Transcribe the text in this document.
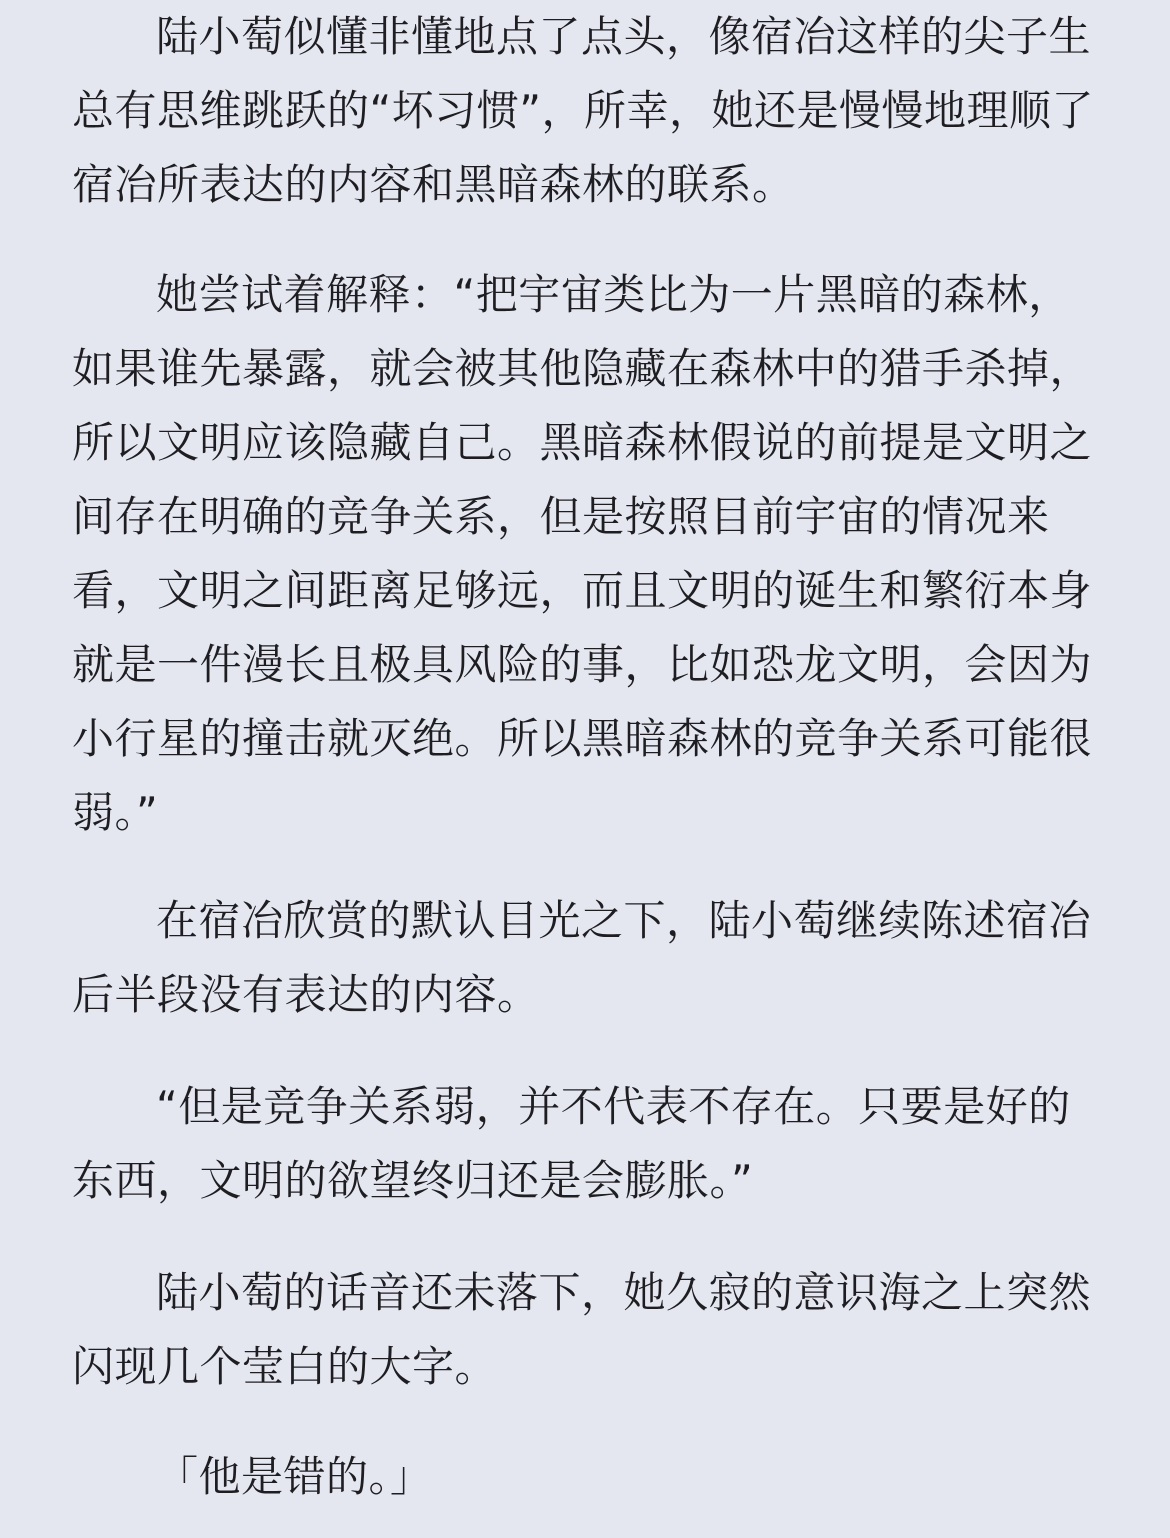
陆小萄似懂非懂地点了点头，像宿冶这样的尖子生
总有思维跳跃的“坏习惯”，所幸，她还是慢慢地理顺了
宿冶所表达的内容和黑暗森林的联系。
她尝试着解释：“把宇宙类比为一片黑暗的森林，
如果谁先暴露，就会被其他隐藏在森林中的猎手杀掉，
所以文明应该隐藏自己。黑暗森林假说的前提是文明之
间存在明确的竞争关系，但是按照目前宇宙的情况来
看，文明之间距离足够远，而且文明的诞生和繁衍本身
就是一件漫长且极具风险的事，比如恐龙文明，会因为
小行星的撞击就灭绝。所以黑暗森林的竞争关系可能很
弱。”
在宿冶欣赏的默认目光之下，陆小萄继续陈述宿冶
后半段没有表达的内容。
“但是竞争关系弱，并不代表不存在。只要是好的
东西，文明的欲望终归还是会膨胀。”
陆小萄的话音还未落下，她久寂的意识海之上突然
闪现几个莹白的大字。
「他是错的。」
